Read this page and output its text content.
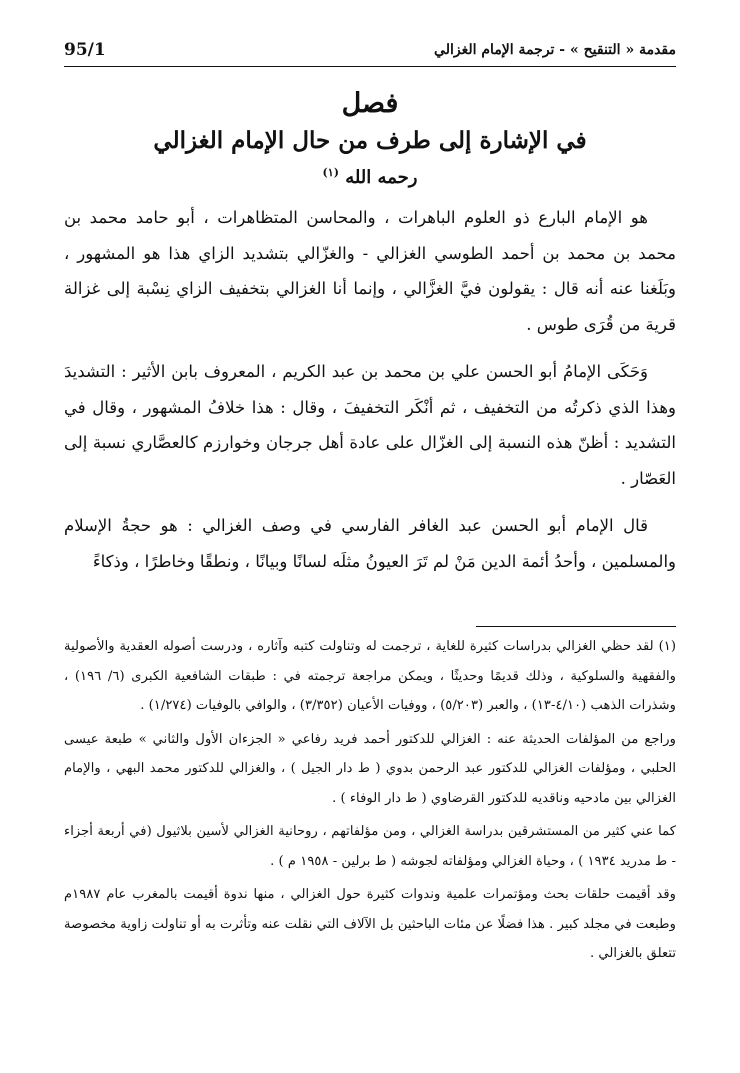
مقدمة « التنقيح » - ترجمة الإمام الغزالي
95/1
فصل
في الإشارة إلى طرف من حال الإمام الغزالي
رحمه الله $^{(١)}$

هو الإمام البارع ذو العلوم الباهرات ، والمحاسن المتظاهرات ، أبو حامد محمد بن محمد بن محمد بن أحمد الطوسي الغزالي - والغزّالي بتشديد الزاي هذا هو المشهور ، وبَلَغنا عنه أنه قال : يقولون فيَّ الغزَّالي ، وإنما أنا الغزالي بتخفيف الزاي نِسْبة إلى غزالة قرية من قُرَى طوس .

وَحَكَى الإمامُ أبو الحسن علي بن محمد بن عبد الكريم ، المعروف بابن الأثير : التشديدَ وهذا الذي ذكرتُه من التخفيف ، ثم أنْكَر التخفيفَ ، وقال : هذا خلافُ المشهور ، وقال في التشديد : أظنّ هذه النسبة إلى الغزّال على عادة أهل جرجان وخوارزم كالعصَّاري نسبة إلى العَصّار .

قال الإمام أبو الحسن عبد الغافر الفارسي في وصف الغزالي : هو حجةُ الإسلام والمسلمين ، وأحدُ أئمة الدين مَنْ لم تَرَ العيونُ مثلَه لسانًا وبيانًا ، ونطقًا وخاطرًا ، وذكاءً

(١) لقد حظي الغزالي بدراسات كثيرة للغاية ، ترجمت له وتناولت كتبه وآثاره ، ودرست أصوله العقدية والأصولية والفقهية والسلوكية ، وذلك قديمًا وحديثًا ، ويمكن مراجعة ترجمته في : طبقات الشافعية الكبرى (٦/ ١٩٦) ، وشذرات الذهب (٤/١٠-١٣) ، والعبر (٥/٢٠٣) ، ووفيات الأعيان (٣/٣٥٢) ، والوافي بالوفيات (١/٢٧٤) .

وراجع من المؤلفات الحديثة عنه : الغزالي للدكتور أحمد فريد رفاعي « الجزءان الأول والثاني » طبعة عيسى الحلبي ، ومؤلفات الغزالي للدكتور عبد الرحمن بدوي ( ط دار الجيل ) ، والغزالي للدكتور محمد البهي ، والإمام الغزالي بين مادحيه وناقديه للدكتور القرضاوي ( ط دار الوفاء ) .

كما عني كثير من المستشرقين بدراسة الغزالي ، ومن مؤلفاتهم ، روحانية الغزالي لأسين بلاثيول (في أربعة أجزاء - ط مدريد ١٩٣٤ ) ، وحياة الغزالي ومؤلفاته لجوشه ( ط برلين - ١٩٥٨ م ) .

وقد أقيمت حلقات بحث ومؤتمرات علمية وندوات كثيرة حول الغزالي ، منها ندوة أقيمت بالمغرب عام ١٩٨٧م وطبعت في مجلد كبير . هذا فضلًا عن مئات الباحثين بل الآلاف التي نقلت عنه وتأثرت به أو تناولت زاوية مخصوصة تتعلق بالغزالي .
